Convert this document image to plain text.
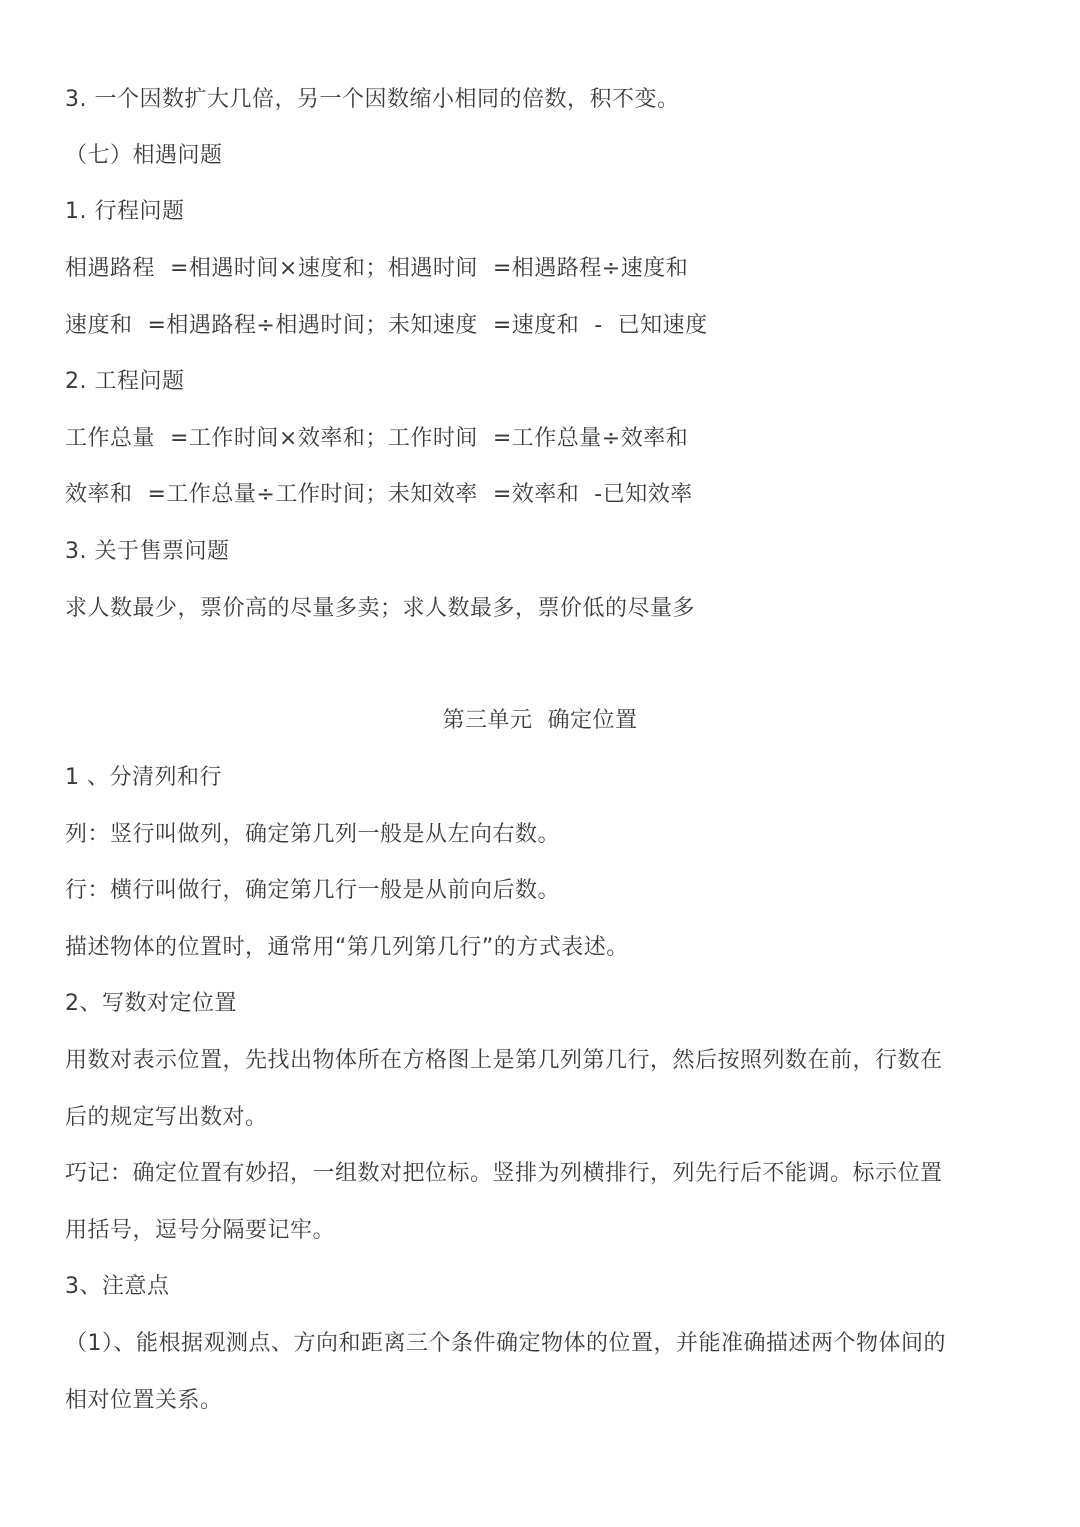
3. 一个因数扩大几倍，另一个因数缩小相同的倍数，积不变。
（七）相遇问题
1. 行程问题
相遇路程  =相遇时间×速度和；相遇时间  =相遇路程÷速度和
速度和  =相遇路程÷相遇时间；未知速度  =速度和  -  已知速度
2. 工程问题
工作总量  =工作时间×效率和；工作时间  =工作总量÷效率和
效率和  =工作总量÷工作时间；未知效率  =效率和  -已知效率
3. 关于售票问题
求人数最少，票价高的尽量多卖；求人数最多，票价低的尽量多
第三单元  确定位置
1 、分清列和行
列：竖行叫做列，确定第几列一般是从左向右数。
行：横行叫做行，确定第几行一般是从前向后数。
描述物体的位置时，通常用“第几列第几行”的方式表述。
2、写数对定位置
用数对表示位置，先找出物体所在方格图上是第几列第几行，然后按照列数在前，行数在
后的规定写出数对。
巧记：确定位置有妙招，一组数对把位标。竖排为列横排行，列先行后不能调。标示位置
用括号，逗号分隔要记牢。
3、注意点
（1）、能根据观测点、方向和距离三个条件确定物体的位置，并能准确描述两个物体间的
相对位置关系。
